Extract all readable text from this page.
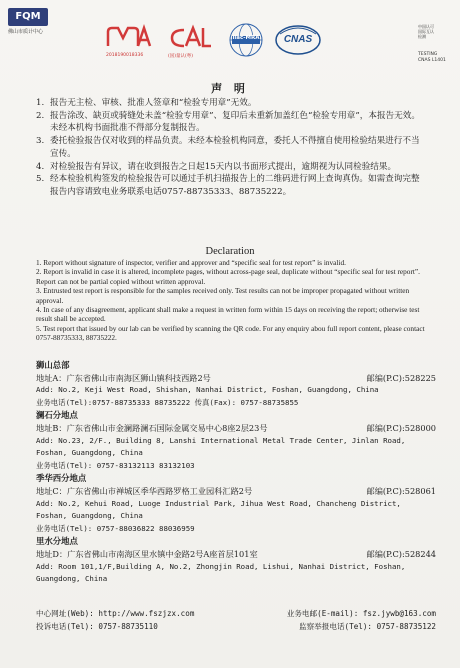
FQM
佛山市质计中心
2018190018336	(国)量认(粤)
ilac-MRA	CNAS
中国认可
国际互认
检测
TESTING
CNAS L1401
声 明
1. 报告无主检、审核、批准人签章和“检验专用章”无效。
2. 报告涂改、缺页或骑缝处未盖“检验专用章”、复印后未重新加盖红色“检验专用章”，本报告无效。未经本机构书面批准不得部分复制报告。
3. 委托检验报告仅对收到的样品负责。未经本检验机构同意，委托人不得擅自使用检验结果进行不当宣传。
4. 对检验报告有异议，请在收到报告之日起15天内以书面形式提出，逾期视为认同检验结果。
5. 经本检验机构签发的检验报告可以通过手机扫描报告上的二维码进行网上查询真伪。如需查询完整报告内容请致电业务联系电话0757-88735333、88735222。
Declaration
1. Report without signature of inspector, verifier and approver and “specific seal for test report” is invalid.
2. Report is invalid in case it is altered, incomplete pages, without across-page seal, duplicate without “specific seal for test report”. Report can not be partial copied without written approval.
3. Entrusted test report is responsible for the samples received only. Test results can not be improper propagated without written approval.
4. In case of any disagreement, applicant shall make a request in written form within 15 days on receiving the report; otherwise test result shall be accepted.
5. Test report that issued by our lab can be verified by scanning the QR code. For any enquiry abou full report content, please contact 0757-88735333, 88735222.
狮山总部
地址A：广东省佛山市南海区狮山镇科技西路2号	邮编(P.C):528225
Add: No.2, Keji West Road, Shishan, Nanhai District, Foshan, Guangdong, China
业务电话(Tel):0757-88735333 88735222 传真(Fax): 0757-88735855
澜石分地点
地址B：广东省佛山市金澜路澜石国际金属交易中心8座2层23号	邮编(P.C):528000
Add: No.23, 2/F., Building 8, Lanshi International Metal Trade Center, Jinlan Road, Foshan, Guangdong, China
业务电话(Tel): 0757-83132113 83132103
季华西分地点
地址C：广东省佛山市禅城区季华西路罗格工业园科汇路2号	邮编(P.C):528061
Add: No.2, Kehui Road, Luoge Industrial Park, Jihua West Road, Chancheng District, Foshan, Guangdong, China
业务电话(Tel): 0757-88036822 88036959
里水分地点
地址D：广东省佛山市南海区里水镇中金路2号A座首层101室	邮编(P.C):528244
Add: Room 101,1/F,Building A, No.2, Zhongjin Road, Lishui, Nanhai District, Foshan, Guangdong, China
中心网址(Web): http://www.fszjzx.com	业务电邮(E-mail): fsz.jywb@163.com
投诉电话(Tel): 0757-88735110	监察举报电话(Tel): 0757-88735122
